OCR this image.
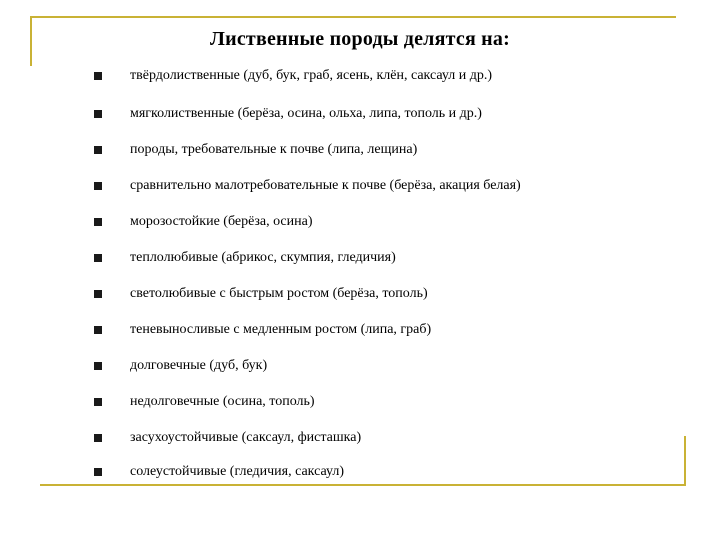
Лиственные породы делятся на:
твёрдолиственные (дуб, бук, граб, ясень, клён, саксаул и др.)
мягколиственные (берёза, осина, ольха, липа, тополь и др.)
породы, требовательные к почве (липа, лещина)
сравнительно малотребовательные к почве (берёза, акация белая)
морозостойкие (берёза, осина)
теплолюбивые (абрикос, скумпия, гледичия)
светолюбивые с быстрым ростом (берёза, тополь)
теневыносливые с медленным ростом (липа, граб)
долговечные (дуб, бук)
недолговечные (осина, тополь)
засухоустойчивые (саксаул, фисташка)
солеустойчивые (гледичия, саксаул)
